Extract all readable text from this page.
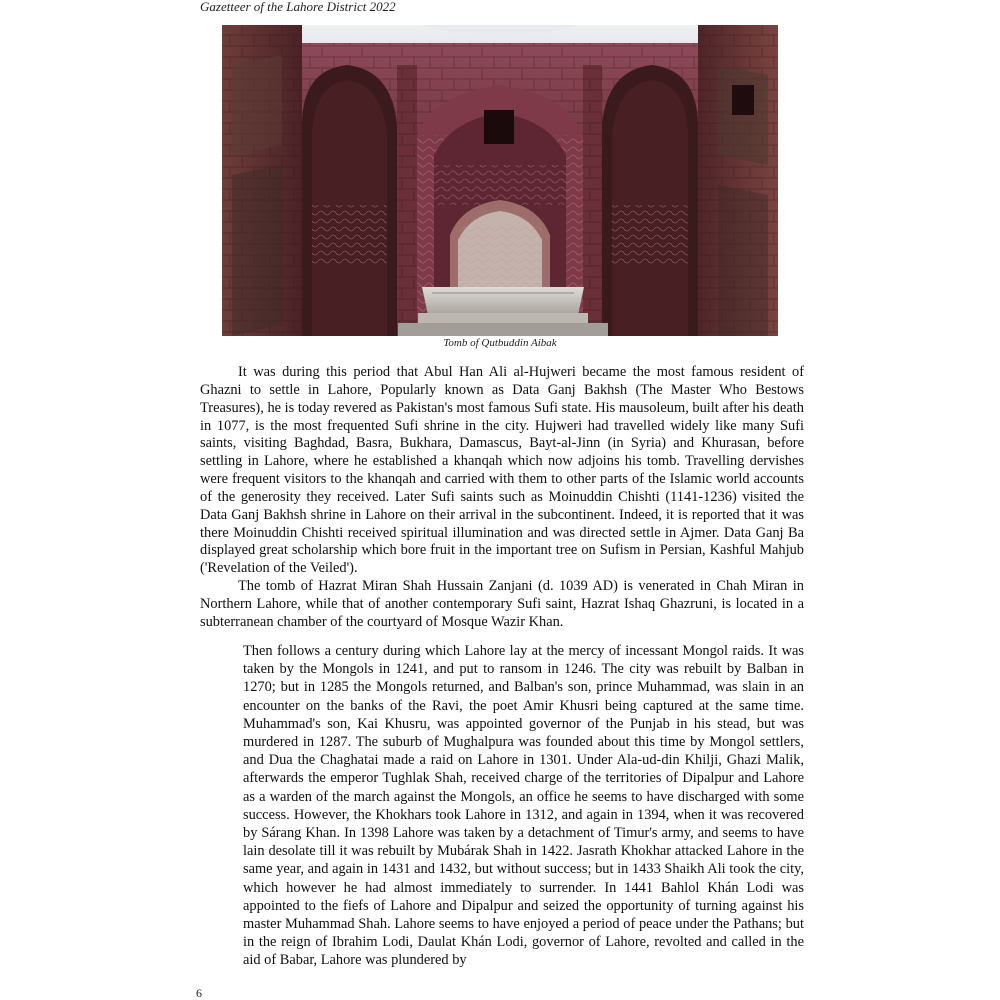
Gazetteer of the Lahore District 2022
Tomb of Qutbuddin Aibak

It was during this period that Abul Han Ali al-Hujweri became the most famous resident of Ghazni to settle in Lahore, Popularly known as Data Ganj Bakhsh (The Master Who Bestows Treasures), he is today revered as Pakistan's most famous Sufi state. His mausoleum, built after his death in 1077, is the most frequented Sufi shrine in the city. Hujweri had travelled widely like many Sufi saints, visiting Baghdad, Basra, Bukhara, Damascus, Bayt-al-Jinn (in Syria) and Khurasan, before settling in Lahore, where he established a khanqah which now adjoins his tomb. Travelling dervishes were frequent visitors to the khanqah and carried with them to other parts of the Islamic world accounts of the generosity they received. Later Sufi saints such as Moinuddin Chishti (1141-1236) visited the Data Ganj Bakhsh shrine in Lahore on their arrival in the subcontinent. Indeed, it is reported that it was there Moinuddin Chishti received spiritual illumination and was directed settle in Ajmer. Data Ganj Ba displayed great scholarship which bore fruit in the important tree on Sufism in Persian, Kashful Mahjub ('Revelation of the Veiled').

The tomb of Hazrat Miran Shah Hussain Zanjani (d. 1039 AD) is venerated in Chah Miran in Northern Lahore, while that of another contemporary Sufi saint, Hazrat Ishaq Ghazruni, is located in a subterranean chamber of the courtyard of Mosque Wazir Khan.

Then follows a century during which Lahore lay at the mercy of incessant Mongol raids. It was taken by the Mongols in 1241, and put to ransom in 1246. The city was rebuilt by Balban in 1270; but in 1285 the Mongols returned, and Balban's son, prince Muhammad, was slain in an encounter on the banks of the Ravi, the poet Amir Khusri being captured at the same time. Muhammad's son, Kai Khusru, was appointed governor of the Punjab in his stead, but was murdered in 1287. The suburb of Mughalpura was founded about this time by Mongol settlers, and Dua the Chaghatai made a raid on Lahore in 1301. Under Ala-ud-din Khilji, Ghazi Malik, afterwards the emperor Tughlak Shah, received charge of the territories of Dipalpur and Lahore as a warden of the march against the Mongols, an office he seems to have discharged with some success. However, the Khokhars took Lahore in 1312, and again in 1394, when it was recovered by Sárang Khan. In 1398 Lahore was taken by a detachment of Timur's army, and seems to have lain desolate till it was rebuilt by Mubárak Shah in 1422. Jasrath Khokhar attacked Lahore in the same year, and again in 1431 and 1432, but without success; but in 1433 Shaikh Ali took the city, which however he had almost immediately to surrender. In 1441 Bahlol Khán Lodi was appointed to the fiefs of Lahore and Dipalpur and seized the opportunity of turning against his master Muhammad Shah. Lahore seems to have enjoyed a period of peace under the Pathans; but in the reign of Ibrahim Lodi, Daulat Khán Lodi, governor of Lahore, revolted and called in the aid of Babar, Lahore was plundered by

6
